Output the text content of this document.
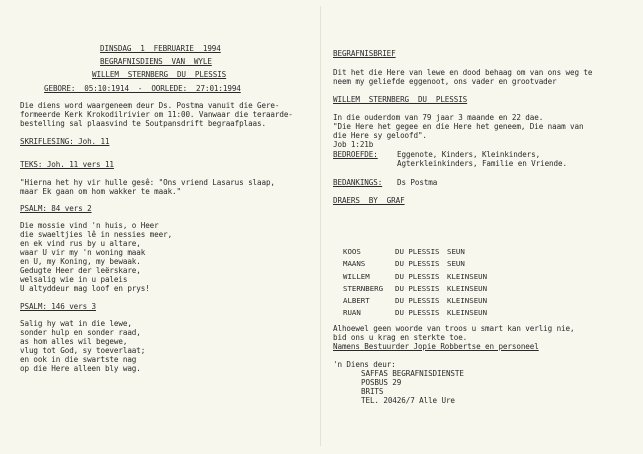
DINSDAG  1  FEBRUARIE  1994

BEGRAFNISDIENS  VAN  WYLE

WILLEM  STERNBERG  DU  PLESSIS

GEBORE:  05:10:1914  -  OORLEDE:  27:01:1994

Die diens word waargeneem deur Ds. Postma vanuit die Gere-

formeerde Kerk Krokodilrivier om 11:00. Vanwaar die teraarde-

bestelling sal plaasvind te Soutpansdrift begraafplaas.

SKRIFLESING: Joh. 11

TEKS: Joh. 11 vers 11

"Hierna het hy vir hulle gesê: "Ons vriend Lasarus slaap,

maar Ek gaan om hom wakker te maak."

PSALM: 84 vers 2

Die mossie vind 'n huis, o Heer

die swaeltjies lê in nessies meer,

en ek vind rus by u altare,

waar U vir my 'n woning maak

en U, my Koning, my bewaak.

Gedugte Heer der leërskare,

welsalig wie in u paleis

U altyddeur mag loof en prys!

PSALM: 146 vers 3

Salig hy wat in die lewe,

sonder hulp en sonder raad,

as hom alles wil begewe,

vlug tot God, sy toeverlaat;

en ook in die swartste nag

op die Here alleen bly wag.

BEGRAFNISBRIEF

Dit het die Here van lewe en dood behaag om van ons weg te

neem my geliefde eggenoot, ons vader en grootvader

WILLEM  STERNBERG  DU  PLESSIS

In die ouderdom van 79 jaar 3 maande en 22 dae.

"Die Here het gegee en die Here het geneem, Die naam van

die Here sy geloofd".

Job 1:21b

BEDROEFDE:

	Eggenote, Kinders, Kleinkinders,

Agterkleinkinders, Familie en Vriende.

BEDANKINGS:

Ds Postma

DRAERS  BY  GRAF

KOOS	DU PLESSIS	SEUN
MAANS	DU PLESSIS	SEUN
WILLEM	DU PLESSIS	KLEINSEUN
STERNBERG	DU PLESSIS	KLEINSEUN
ALBERT	DU PLESSIS	KLEINSEUN
RUAN	DU PLESSIS	KLEINSEUN

Alhoewel geen woorde van troos u smart kan verlig nie,

bid ons u krag en sterkte toe.

Namens Bestuurder Jopie Robbertse en personeel

'n Diens deur:

SAFFAS BEGRAFNISDIENSTE

POSBUS 29

BRITS

TEL. 20426/7 Alle Ure
